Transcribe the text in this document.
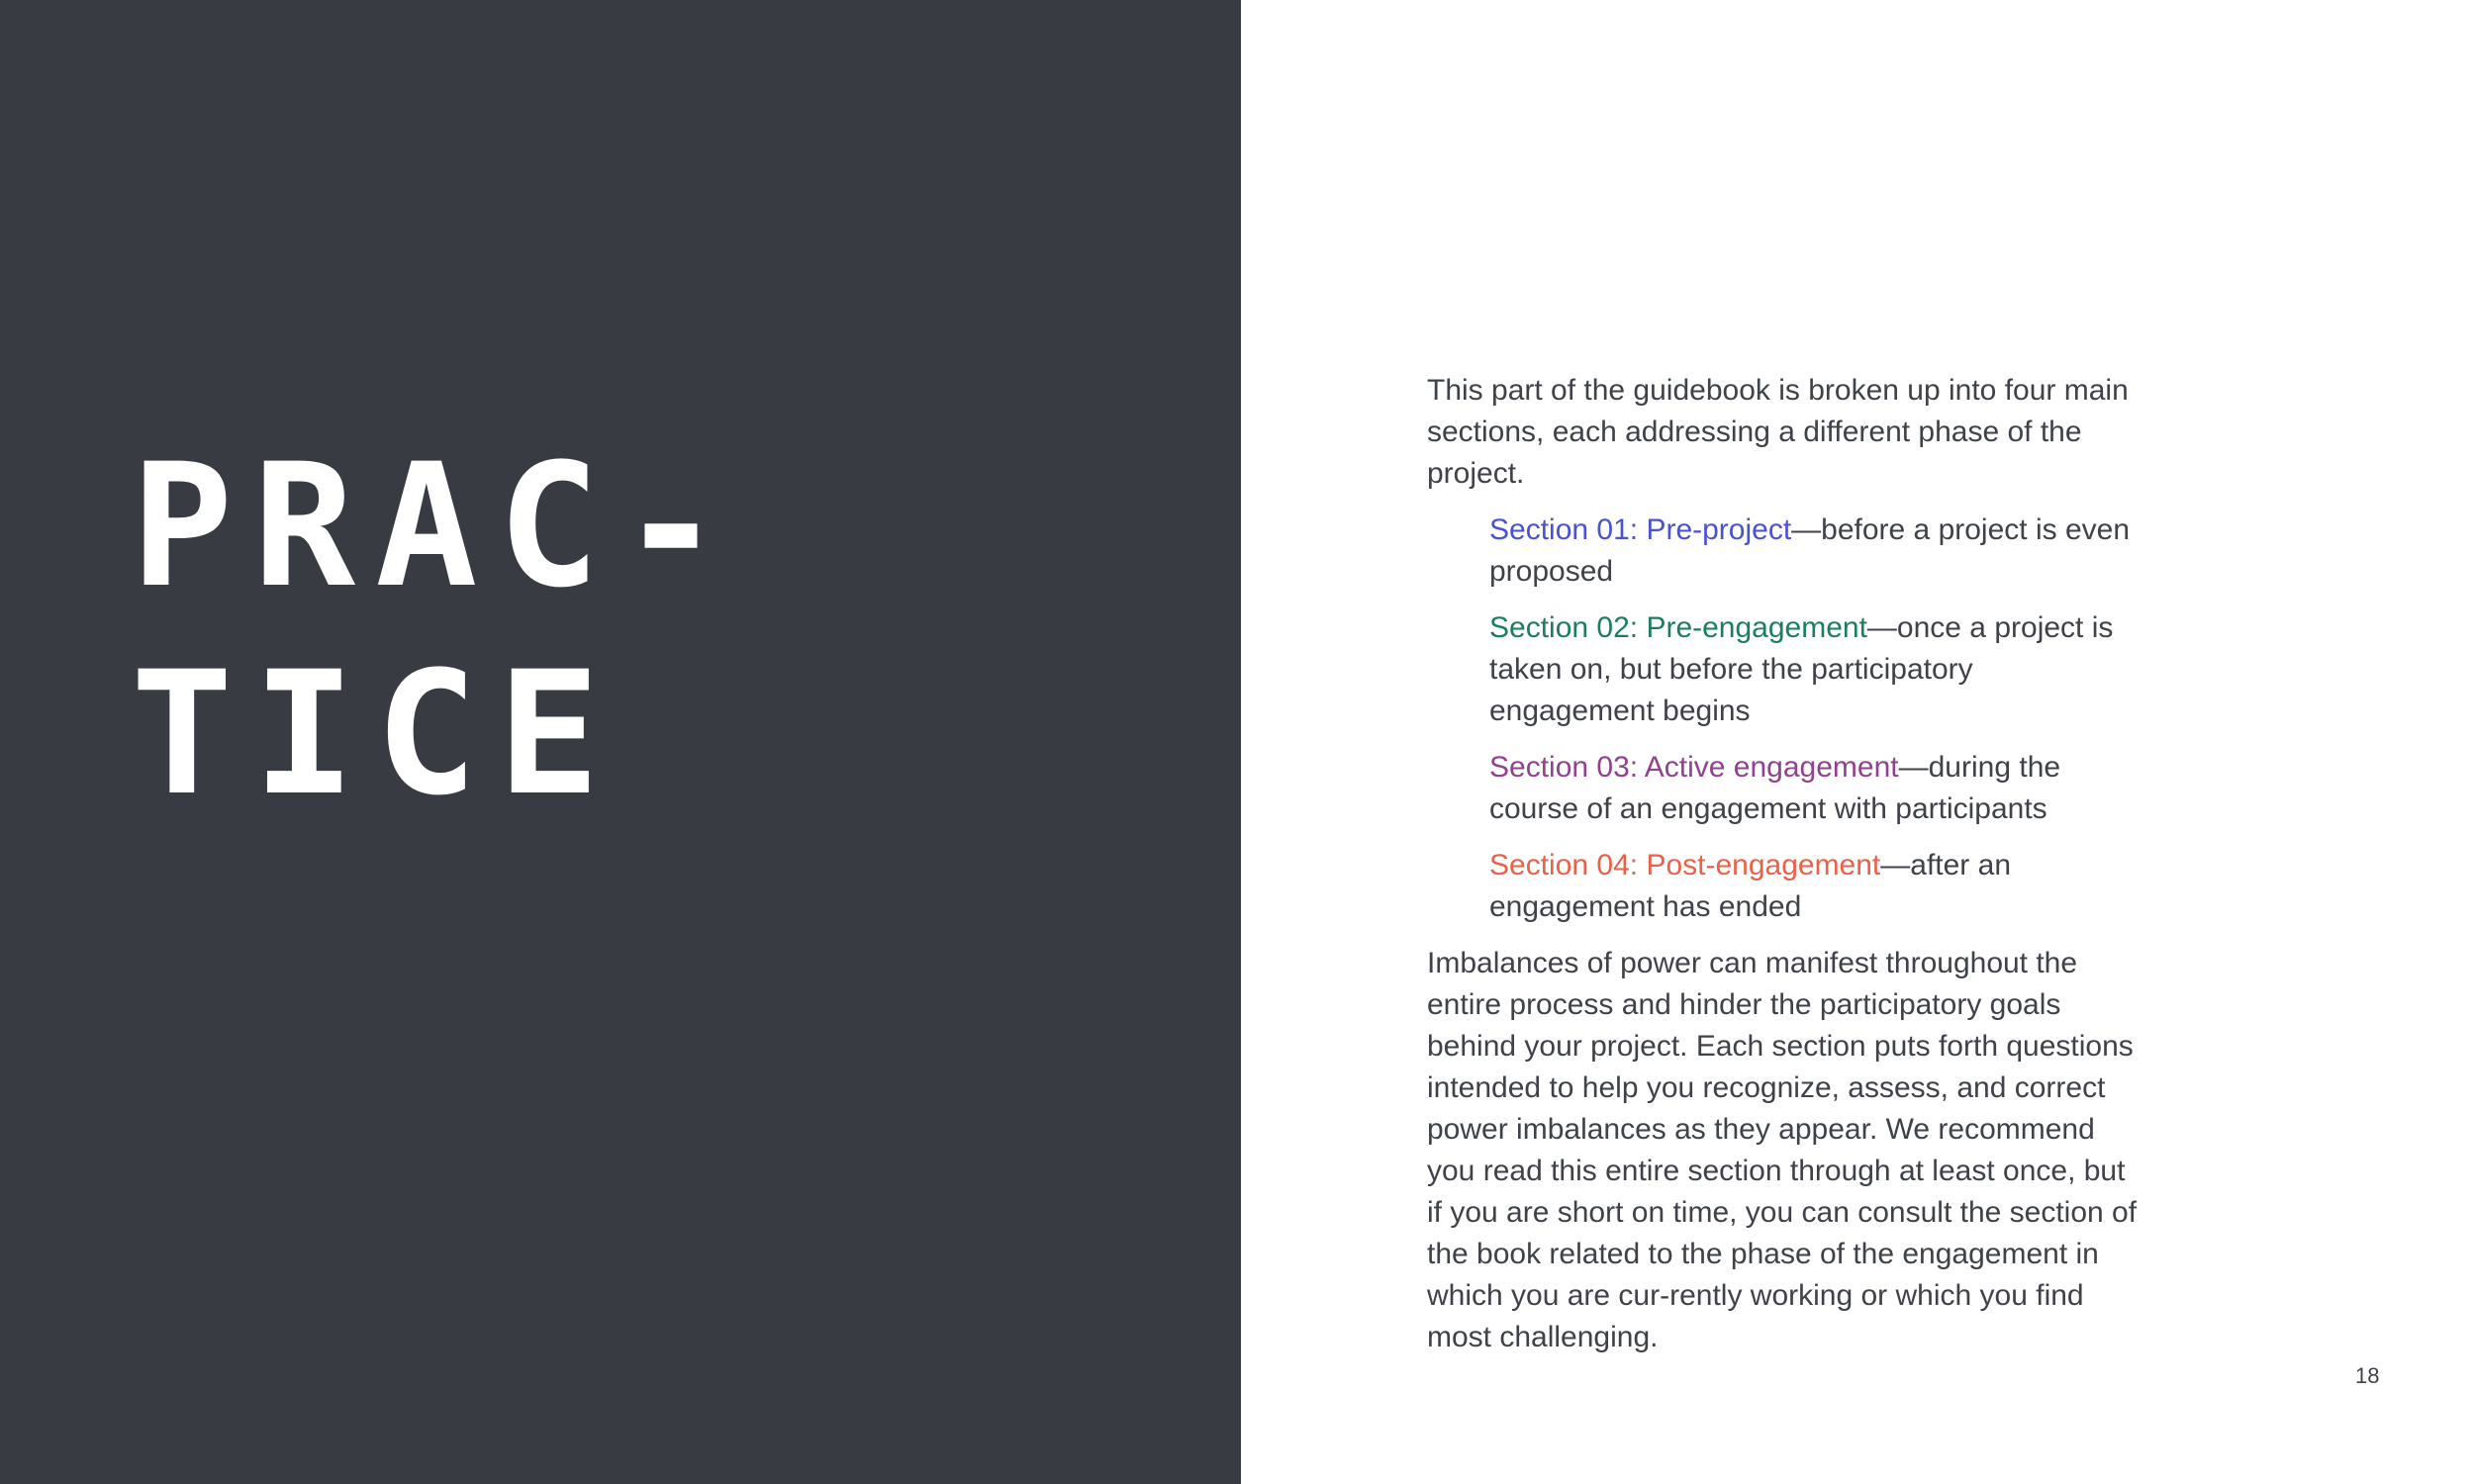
PRAC-
TICE

This part of the guidebook is broken up into four main sections, each addressing a different phase of the project.

Section 01: Pre-project—before a project is even proposed

Section 02: Pre-engagement—once a project is taken on, but before the participatory engagement begins

Section 03: Active engagement—during the course of an engagement with participants

Section 04: Post-engagement—after an engagement has ended

Imbalances of power can manifest throughout the entire process and hinder the participatory goals behind your project. Each section puts forth questions intended to help you recognize, assess, and correct power imbalances as they appear. We recommend you read this entire section through at least once, but if you are short on time, you can consult the section of the book related to the phase of the engagement in which you are cur-rently working or which you find most challenging.

18
